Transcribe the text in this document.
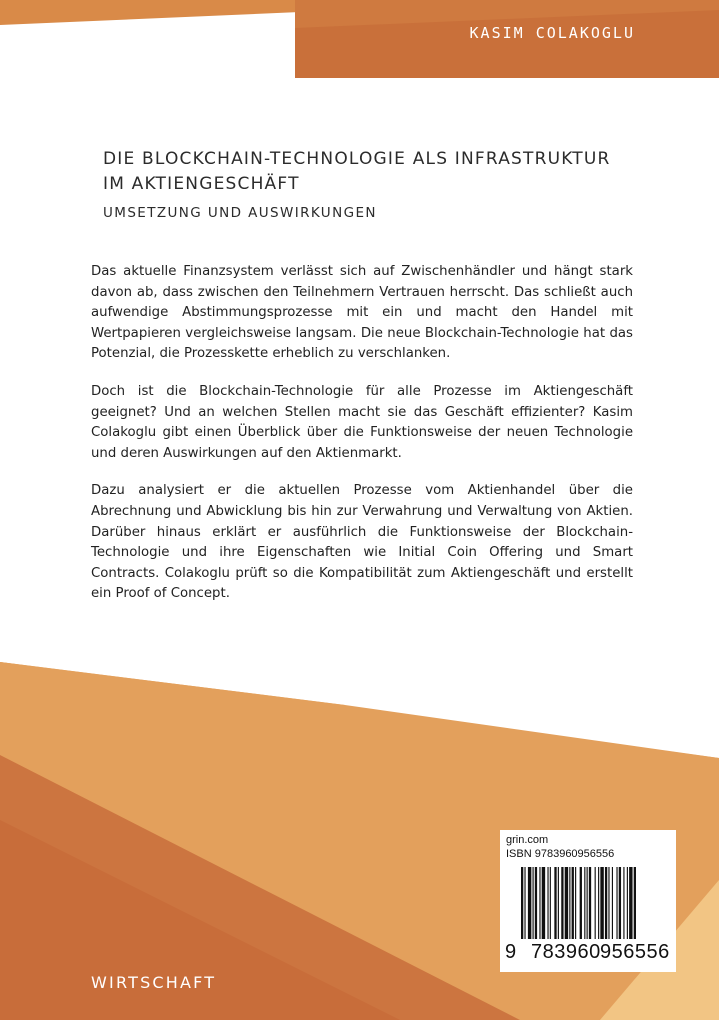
KASIM COLAKOGLU
DIE BLOCKCHAIN-TECHNOLOGIE ALS INFRASTRUKTUR IM AKTIENGESCHÄFT
UMSETZUNG UND AUSWIRKUNGEN

Das aktuelle Finanzsystem verlässt sich auf Zwischenhändler und hängt stark davon ab, dass zwischen den Teilnehmern Vertrauen herrscht. Das schließt auch aufwendige Abstimmungsprozesse mit ein und macht den Handel mit Wertpapieren vergleichsweise langsam. Die neue Blockchain-Technologie hat das Potenzial, die Prozesskette erheblich zu verschlanken.

Doch ist die Blockchain-Technologie für alle Prozesse im Aktiengeschäft geeignet? Und an welchen Stellen macht sie das Geschäft effizienter? Kasim Colakoglu gibt einen Überblick über die Funktionsweise der neuen Technologie und deren Auswirkungen auf den Aktienmarkt.

Dazu analysiert er die aktuellen Prozesse vom Aktienhandel über die Abrechnung und Abwicklung bis hin zur Verwahrung und Verwaltung von Aktien. Darüber hinaus erklärt er ausführlich die Funktionsweise der Blockchain-Technologie und ihre Eigenschaften wie Initial Coin Offering und Smart Contracts. Colakoglu prüft so die Kompatibilität zum Aktiengeschäft und erstellt ein Proof of Concept.

grin.com
ISBN 9783960956556
9 783960 956556
WIRTSCHAFT
